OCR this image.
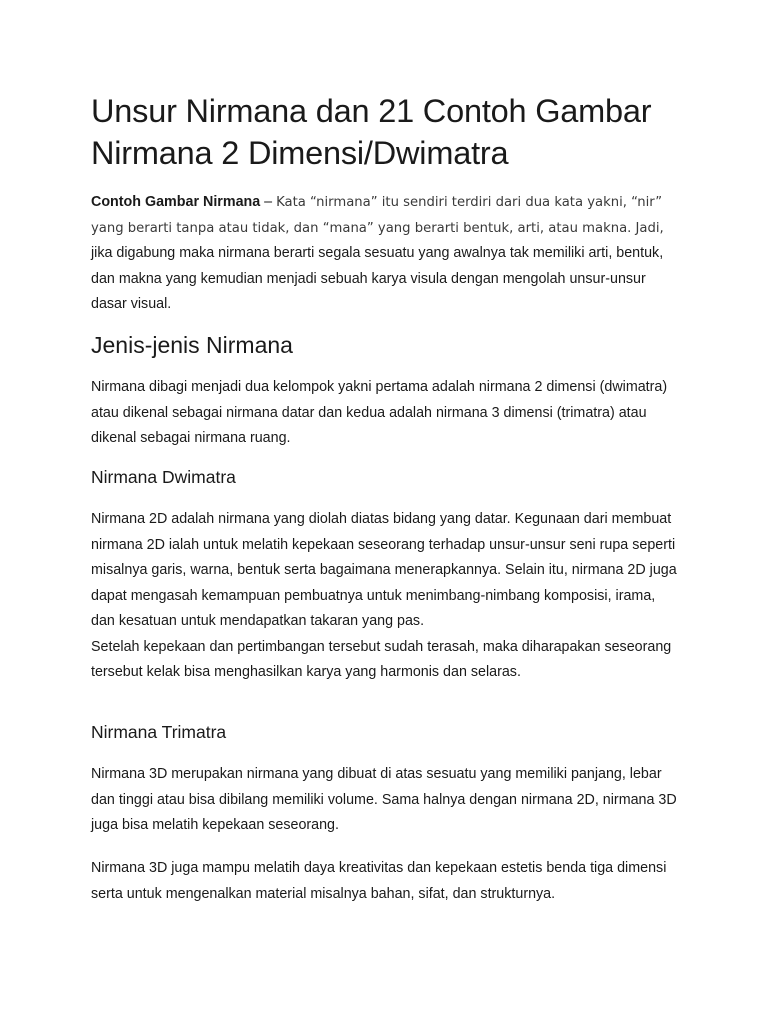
Unsur Nirmana dan 21 Contoh Gambar Nirmana 2 Dimensi/Dwimatra

Contoh Gambar Nirmana – Kata “nirmana” itu sendiri terdiri dari dua kata yakni, “nir” yang berarti tanpa atau tidak, dan “mana” yang berarti bentuk, arti, atau makna. Jadi, jika digabung maka nirmana berarti segala sesuatu yang awalnya tak memiliki arti, bentuk, dan makna yang kemudian menjadi sebuah karya visula dengan mengolah unsur-unsur dasar visual.

Jenis-jenis Nirmana

Nirmana dibagi menjadi dua kelompok yakni pertama adalah nirmana 2 dimensi (dwimatra) atau dikenal sebagai nirmana datar dan kedua adalah nirmana 3 dimensi (trimatra) atau dikenal sebagai nirmana ruang.

Nirmana Dwimatra
Nirmana 2D adalah nirmana yang diolah diatas bidang yang datar. Kegunaan dari membuat nirmana 2D ialah untuk melatih kepekaan seseorang terhadap unsur-unsur seni rupa seperti misalnya garis, warna, bentuk serta bagaimana menerapkannya. Selain itu, nirmana 2D juga dapat mengasah kemampuan pembuatnya untuk menimbang-nimbang komposisi, irama, dan kesatuan untuk mendapatkan takaran yang pas.
Setelah kepekaan dan pertimbangan tersebut sudah terasah, maka diharapakan seseorang tersebut kelak bisa menghasilkan karya yang harmonis dan selaras.
Nirmana Trimatra

Nirmana 3D merupakan nirmana yang dibuat di atas sesuatu yang memiliki panjang, lebar dan tinggi atau bisa dibilang memiliki volume. Sama halnya dengan nirmana 2D, nirmana 3D juga bisa melatih kepekaan seseorang.

Nirmana 3D juga mampu melatih daya kreativitas dan kepekaan estetis benda tiga dimensi serta untuk mengenalkan material misalnya bahan, sifat, dan strukturnya.
